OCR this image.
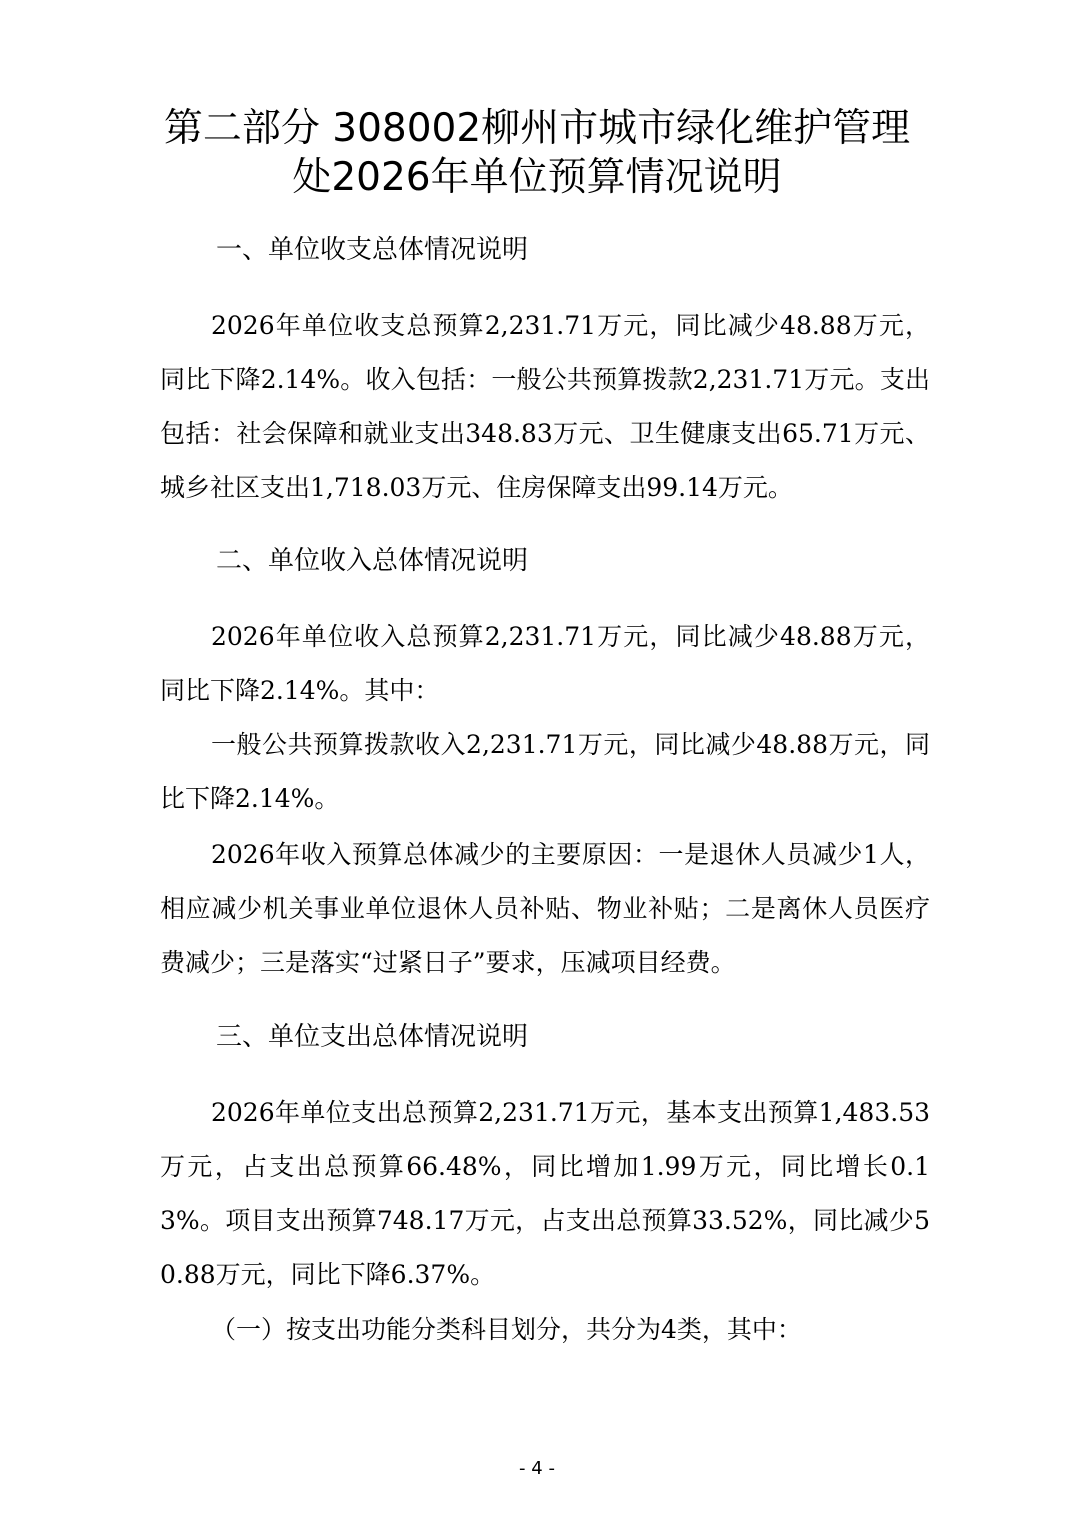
第二部分 308002柳州市城市绿化维护管理
处2026年单位预算情况说明
一、单位收支总体情况说明

2026年单位收支总预算2,231.71万元，同比减少48.88万元，同比下降2.14%。收入包括：一般公共预算拨款2,231.71万元。支出包括：社会保障和就业支出348.83万元、卫生健康支出65.71万元、城乡社区支出1,718.03万元、住房保障支出99.14万元。

二、单位收入总体情况说明

2026年单位收入总预算2,231.71万元，同比减少48.88万元，同比下降2.14%。其中：

一般公共预算拨款收入2,231.71万元，同比减少48.88万元，同比下降2.14%。

2026年收入预算总体减少的主要原因：一是退休人员减少1人，相应减少机关事业单位退休人员补贴、物业补贴；二是离休人员医疗费减少；三是落实“过紧日子”要求，压减项目经费。

三、单位支出总体情况说明

2026年单位支出总预算2,231.71万元，基本支出预算1,483.53万元，占支出总预算66.48%，同比增加1.99万元，同比增长0.13%。项目支出预算748.17万元，占支出总预算33.52%，同比减少50.88万元，同比下降6.37%。

（一）按支出功能分类科目划分，共分为4类，其中：

- 4 -
